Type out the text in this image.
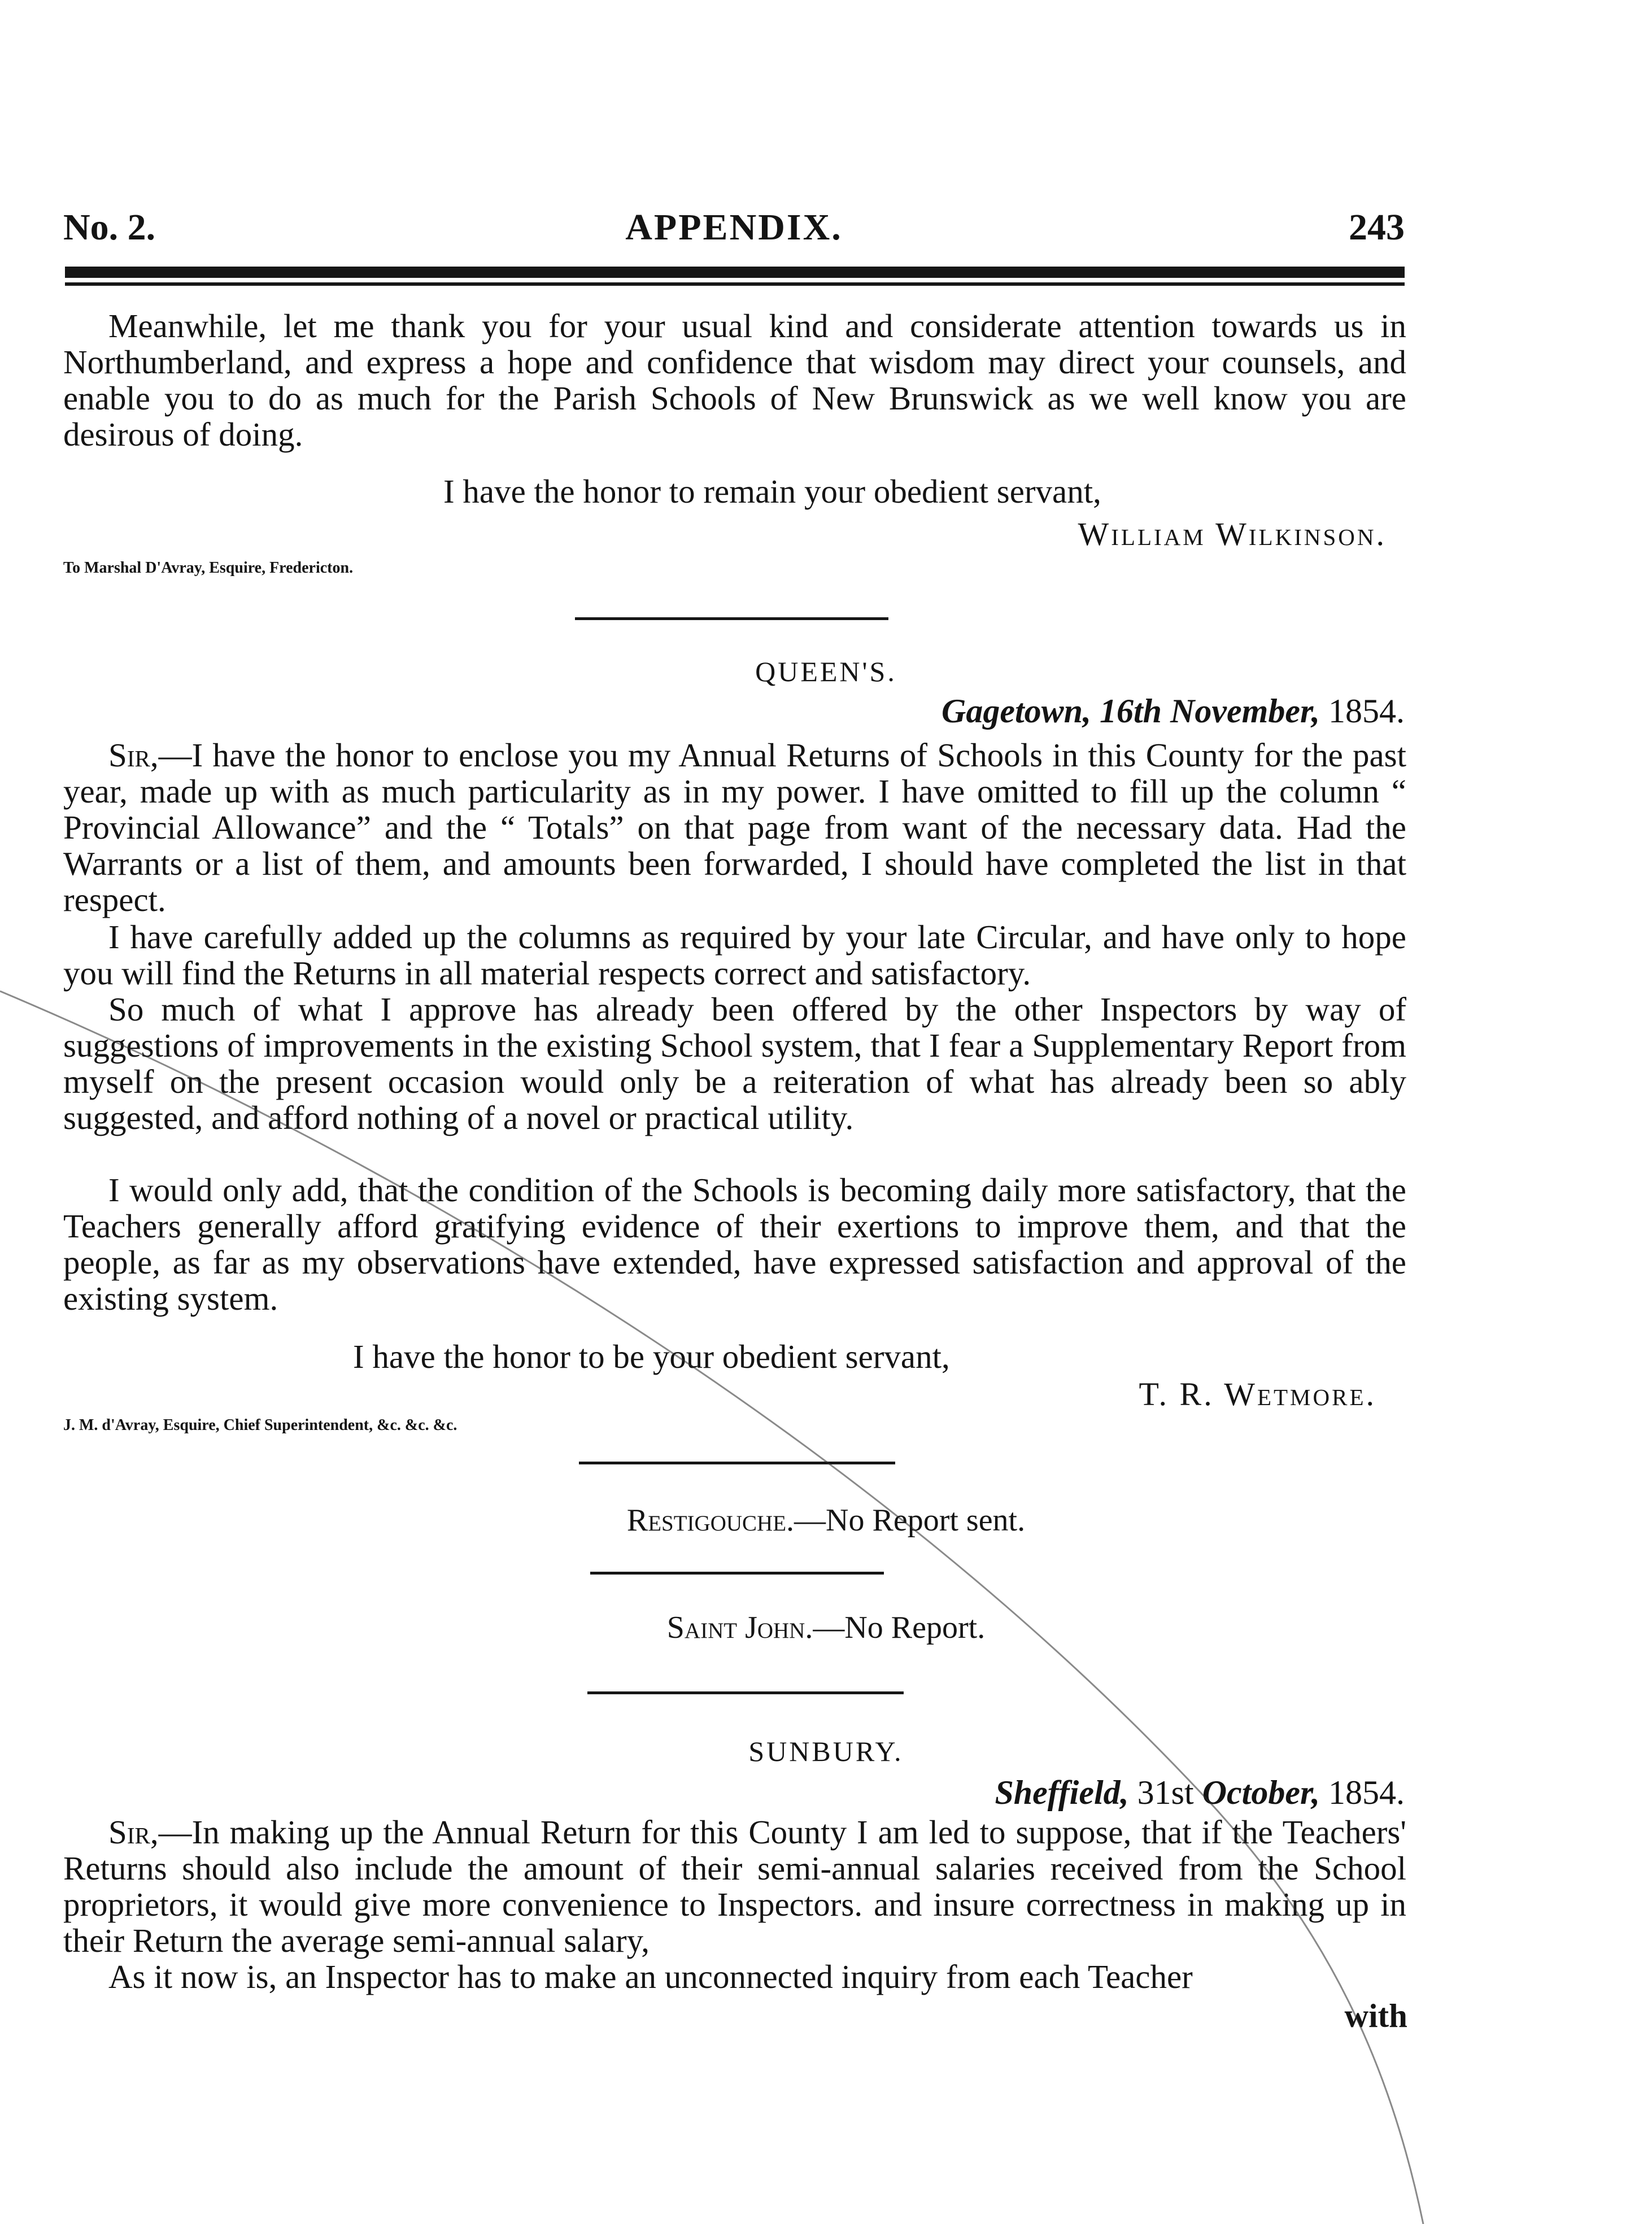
No. 2.	APPENDIX.	243
Meanwhile, let me thank you for your usual kind and considerate attention towards us in Northumberland, and express a hope and confidence that wisdom may direct your counsels, and enable you to do as much for the Parish Schools of New Brunswick as we well know you are desirous of doing.
I have the honor to remain your obedient servant,
William Wilkinson.
To Marshal D'Avray, Esquire, Fredericton.
QUEEN'S.
Gagetown, 16th November, 1854.
Sir,—I have the honor to enclose you my Annual Returns of Schools in this County for the past year, made up with as much particularity as in my power. I have omitted to fill up the column “ Provincial Allowance” and the “ Totals” on that page from want of the necessary data. Had the Warrants or a list of them, and amounts been forwarded, I should have completed the list in that respect.
I have carefully added up the columns as required by your late Circular, and have only to hope you will find the Returns in all material respects correct and satisfactory.
So much of what I approve has already been offered by the other Inspectors by way of suggestions of improvements in the existing School system, that I fear a Supplementary Report from myself on the present occasion would only be a reiteration of what has already been so ably suggested, and afford nothing of a novel or practical utility.
I would only add, that the condition of the Schools is becoming daily more satisfactory, that the Teachers generally afford gratifying evidence of their exertions to improve them, and that the people, as far as my observations have extended, have expressed satisfaction and approval of the existing system.
I have the honor to be your obedient servant,
T. R. Wetmore.
J. M. d'Avray, Esquire, Chief Superintendent, &c. &c. &c.
Restigouche.—No Report sent.
Saint John.—No Report.
SUNBURY.
Sheffield, 31st October, 1854.
Sir,—In making up the Annual Return for this County I am led to suppose, that if the Teachers' Returns should also include the amount of their semi-annual salaries received from the School proprietors, it would give more convenience to Inspectors. and insure correctness in making up in their Return the average semi-annual salary,
As it now is, an Inspector has to make an unconnected inquiry from each Teacher
with
